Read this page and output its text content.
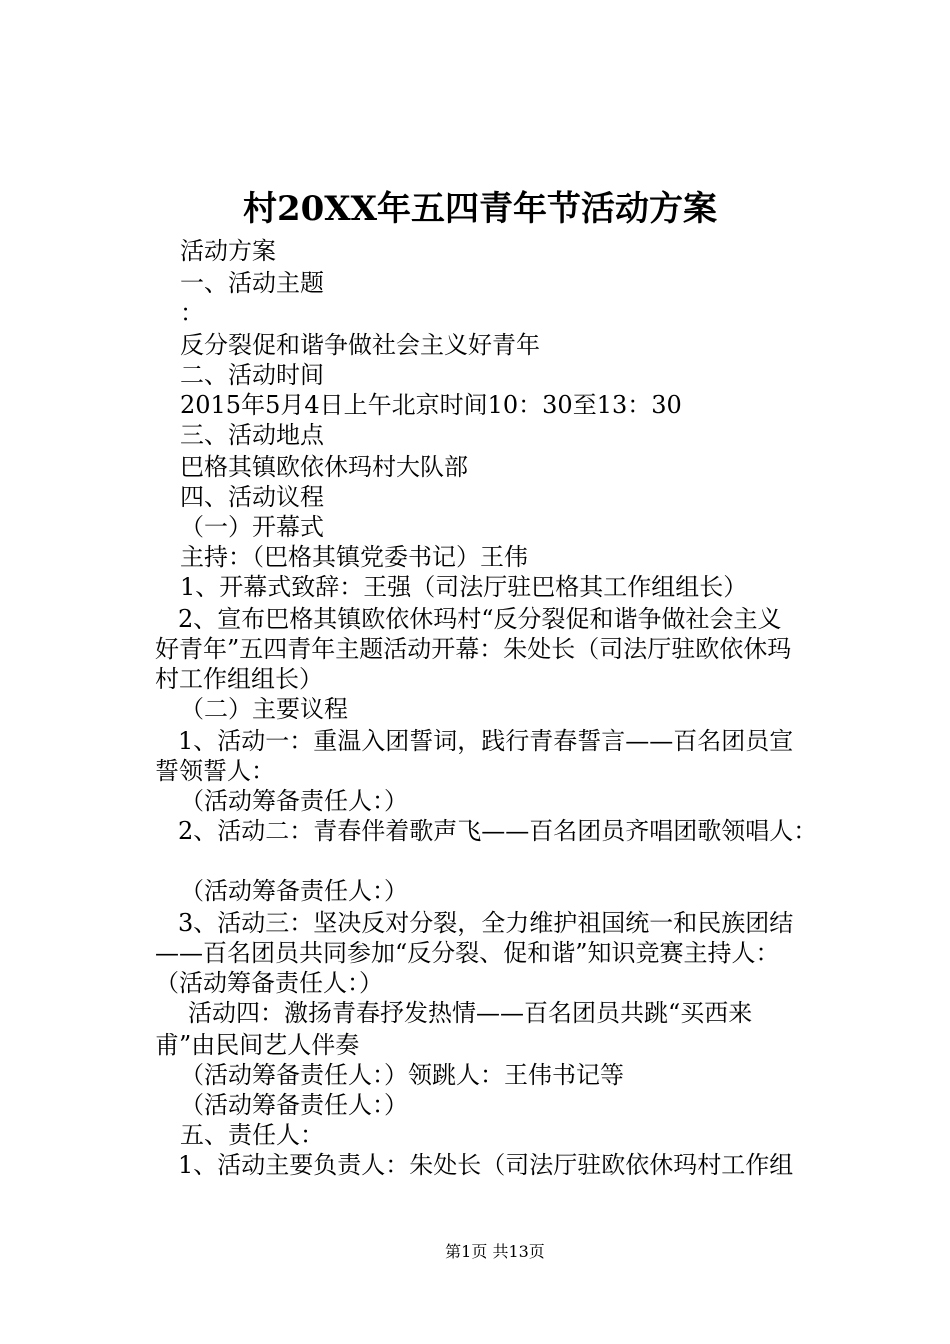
村20XX年五四青年节活动方案
活动方案
一、活动主题
：
反分裂促和谐争做社会主义好青年
二、活动时间
2015年5月4日上午北京时间10：30至13：30
三、活动地点
巴格其镇欧依休玛村大队部
四、活动议程
（一）开幕式
主持：（巴格其镇党委书记）王伟
1、开幕式致辞：王强（司法厅驻巴格其工作组组长）
2、宣布巴格其镇欧依休玛村“反分裂促和谐争做社会主义
好青年”五四青年主题活动开幕：朱处长（司法厅驻欧依休玛
村工作组组长）
（二）主要议程
1、活动一：重温入团誓词，践行青春誓言——百名团员宣
誓领誓人：
（活动筹备责任人：）
2、活动二：青春伴着歌声飞——百名团员齐唱团歌领唱人：
（活动筹备责任人：）
3、活动三：坚决反对分裂，全力维护祖国统一和民族团结
——百名团员共同参加“反分裂、促和谐”知识竞赛主持人：
（活动筹备责任人：）
活动四：激扬青春抒发热情——百名团员共跳“买西来
甫”由民间艺人伴奏
（活动筹备责任人：）领跳人：王伟书记等
（活动筹备责任人：）
五、责任人：
1、活动主要负责人：朱处长（司法厅驻欧依休玛村工作组
第1页 共13页
